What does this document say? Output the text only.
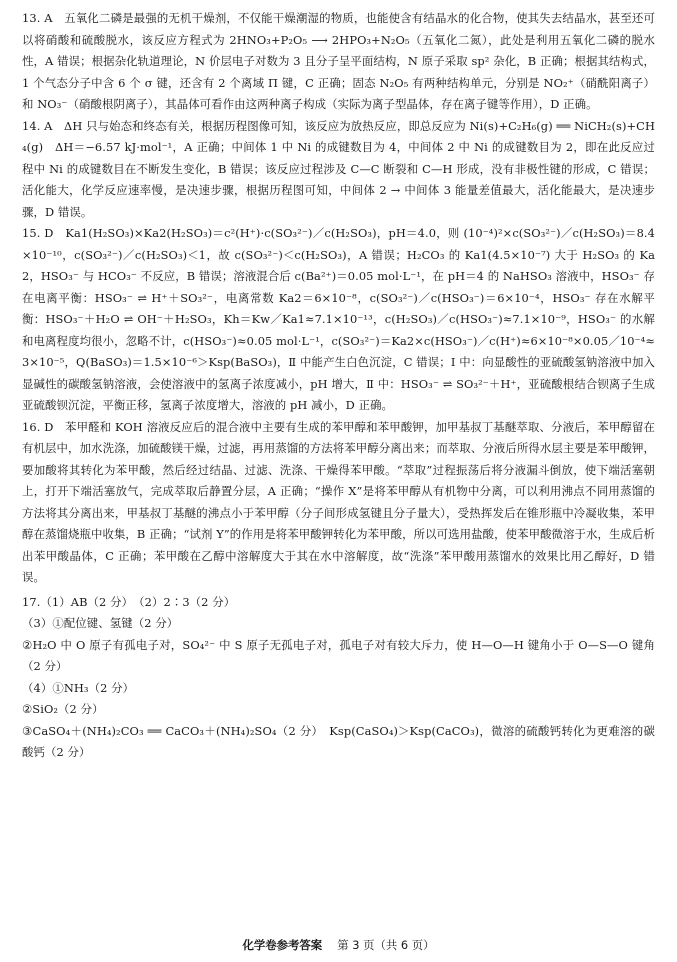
13. A　五氧化二磷是最强的无机干燥剂，不仅能干燥潮湿的物质，也能使含有结晶水的化合物，使其失去结晶水，甚至还可以将硝酸和硫酸脱水，该反应方程式为 2HNO₃+P₂O₅ ⟶ 2HPO₃+N₂O₅（五氧化二氮），此处是利用五氧化二磷的脱水性，A 错误；根据杂化轨道理论，N 价层电子对数为 3 且分子呈平面结构，N 原子采取 sp² 杂化，B 正确；根据其结构式，1 个气态分子中含 6 个 σ 键，还含有 2 个离域 Π 键，C 正确；固态 N₂O₅ 有两种结构单元，分别是 NO₂⁺（硝酰阳离子）和 NO₃⁻（硝酸根阴离子），其晶体可看作由这两种离子构成（实际为离子型晶体，存在离子键等作用），D 正确。

14. A　ΔH 只与始态和终态有关，根据历程图像可知，该反应为放热反应，即总反应为 Ni(s)+C₂H₆(g) ══ NiCH₂(s)+CH₄(g)　ΔH＝−6.57 kJ·mol⁻¹，A 正确；中间体 1 中 Ni 的成键数目为 4，中间体 2 中 Ni 的成键数目为 2，即在此反应过程中 Ni 的成键数目在不断发生变化，B 错误；该反应过程涉及 C—C 断裂和 C—H 形成，没有非极性键的形成，C 错误；活化能大，化学反应速率慢，是决速步骤，根据历程图可知，中间体 2 → 中间体 3 能量差值最大，活化能最大，是决速步骤，D 错误。

15. D　Ka1(H₂SO₃)×Ka2(H₂SO₃)＝c²(H⁺)·c(SO₃²⁻)／c(H₂SO₃)，pH＝4.0，则 (10⁻⁴)²×c(SO₃²⁻)／c(H₂SO₃)＝8.4×10⁻¹⁰，c(SO₃²⁻)／c(H₂SO₃)＜1，故 c(SO₃²⁻)＜c(H₂SO₃)，A 错误；H₂CO₃ 的 Ka1(4.5×10⁻⁷) 大于 H₂SO₃ 的 Ka2，HSO₃⁻ 与 HCO₃⁻ 不反应，B 错误；溶液混合后 c(Ba²⁺)＝0.05 mol·L⁻¹，在 pH＝4 的 NaHSO₃ 溶液中，HSO₃⁻ 存在电离平衡：HSO₃⁻ ⇌ H⁺＋SO₃²⁻，电离常数 Ka2＝6×10⁻⁸，c(SO₃²⁻)／c(HSO₃⁻)＝6×10⁻⁴，HSO₃⁻ 存在水解平衡：HSO₃⁻＋H₂O ⇌ OH⁻＋H₂SO₃，Kh＝Kw／Ka1≈7.1×10⁻¹³，c(H₂SO₃)／c(HSO₃⁻)≈7.1×10⁻⁹，HSO₃⁻ 的水解和电离程度均很小，忽略不计，c(HSO₃⁻)≈0.05 mol·L⁻¹，c(SO₃²⁻)＝Ka2×c(HSO₃⁻)／c(H⁺)≈6×10⁻⁸×0.05／10⁻⁴≈3×10⁻⁵，Q(BaSO₃)＝1.5×10⁻⁶＞Ksp(BaSO₃)，Ⅱ 中能产生白色沉淀，C 错误；Ⅰ 中：向显酸性的亚硫酸氢钠溶液中加入显碱性的碳酸氢钠溶液，会使溶液中的氢离子浓度减小，pH 增大，Ⅱ 中：HSO₃⁻ ⇌ SO₃²⁻＋H⁺，亚硫酸根结合钡离子生成亚硫酸钡沉淀，平衡正移，氢离子浓度增大，溶液的 pH 减小，D 正确。

16. D　苯甲醛和 KOH 溶液反应后的混合液中主要有生成的苯甲醇和苯甲酸钾，加甲基叔丁基醚萃取、分液后，苯甲醇留在有机层中，加水洗涤，加硫酸镁干燥，过滤，再用蒸馏的方法将苯甲醇分离出来；而萃取、分液后所得水层主要是苯甲酸钾，要加酸将其转化为苯甲酸，然后经过结晶、过滤、洗涤、干燥得苯甲酸。“萃取”过程振荡后将分液漏斗倒放，使下端活塞朝上，打开下端活塞放气，完成萃取后静置分层，A 正确；“操作 X”是将苯甲醇从有机物中分离，可以利用沸点不同用蒸馏的方法将其分离出来，甲基叔丁基醚的沸点小于苯甲醇（分子间形成氢键且分子量大），受热挥发后在锥形瓶中冷凝收集，苯甲醇在蒸馏烧瓶中收集，B 正确；“试剂 Y”的作用是将苯甲酸钾转化为苯甲酸，所以可选用盐酸，使苯甲酸微溶于水，生成后析出苯甲酸晶体，C 正确；苯甲酸在乙醇中溶解度大于其在水中溶解度，故“洗涤”苯甲酸用蒸馏水的效果比用乙醇好，D 错误。

17.（1）AB（2 分）　（2）2∶3（2 分）

（3）①配位键、氢键（2 分）

②H₂O 中 O 原子有孤电子对，SO₄²⁻ 中 S 原子无孤电子对，孤电子对有较大斥力，使 H—O—H 键角小于 O—S—O 键角（2 分）

（4）①NH₃（2 分）

②SiO₂（2 分）

③CaSO₄＋(NH₄)₂CO₃ ══ CaCO₃＋(NH₄)₂SO₄（2 分）　Ksp(CaSO₄)＞Ksp(CaCO₃)，微溶的硫酸钙转化为更难溶的碳酸钙（2 分）

化学卷参考答案　 第 3 页（共 6 页）
